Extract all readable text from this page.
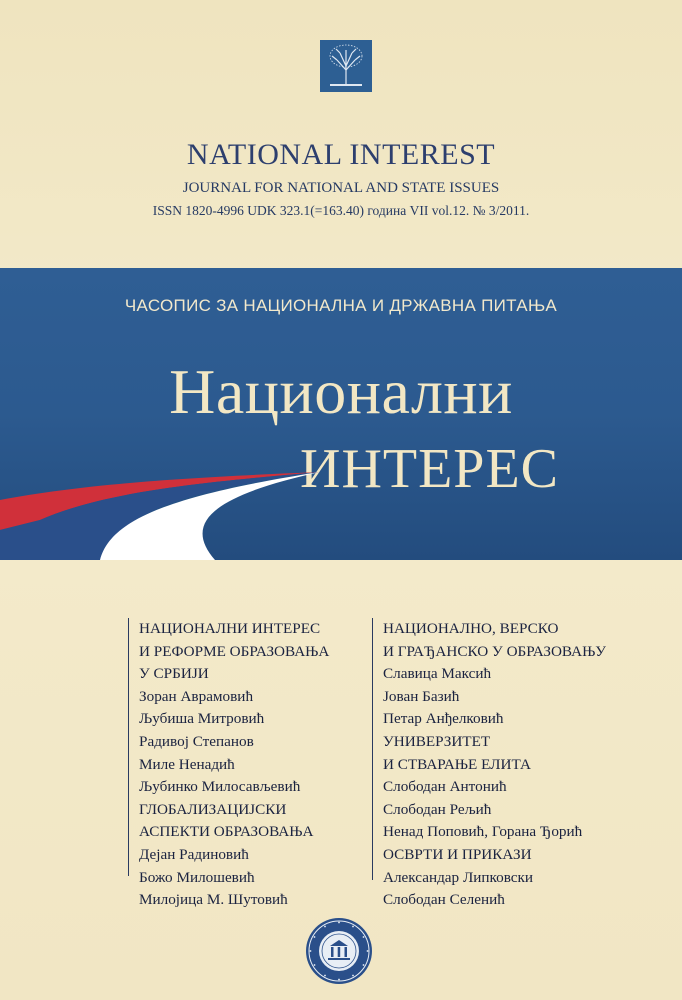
NATIONAL INTEREST
JOURNAL FOR NATIONAL AND STATE ISSUES
ISSN 1820-4996 UDK 323.1(=163.40) година VII vol.12. № 3/2011.
ЧАСОПИС ЗА НАЦИОНАЛНА И ДРЖАВНА ПИТАЊА
Национални
ИНТЕРЕС
НАЦИОНАЛНИ ИНТЕРЕС
И РЕФОРМЕ ОБРАЗОВАЊА
У СРБИЈИ
Зоран Аврамовић
Љубиша Митровић
Радивој Степанов
Миле Ненадић
Љубинко Милосављевић
ГЛОБАЛИЗАЦИЈСКИ
АСПЕКТИ ОБРАЗОВАЊА
Дејан Радиновић
Божо Милошевић
Милојица М. Шутовић
НАЦИОНАЛНО, ВЕРСКО
И ГРАЂАНСКО У ОБРАЗОВАЊУ
Славица Максић
Јован Базић
Петар Анђелковић
УНИВЕРЗИТЕТ
И СТВАРАЊЕ ЕЛИТА
Слободан Антонић
Слободан Рељић
Ненад Поповић, Горана Ђорић
ОСВРТИ И ПРИКАЗИ
Александар Липковски
Слободан Селенић
